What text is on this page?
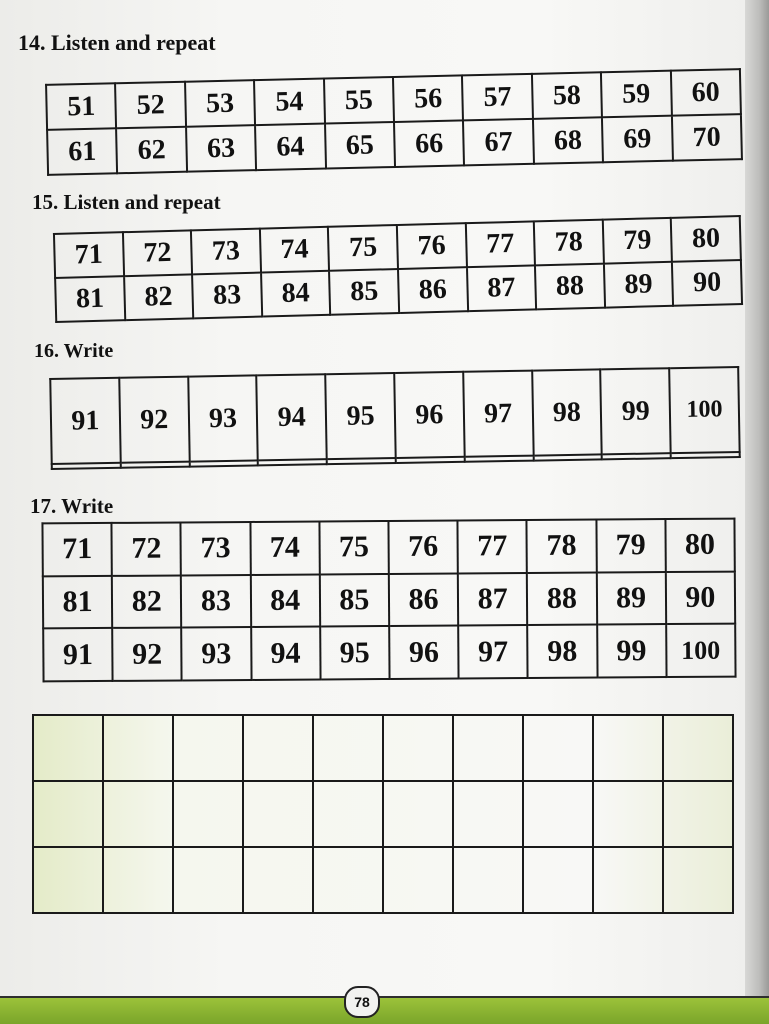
14. Listen and repeat
51	52	53	54	55	56	57	58	59	60
61	62	63	64	65	66	67	68	69	70
15. Listen and repeat
71	72	73	74	75	76	77	78	79	80
81	82	83	84	85	86	87	88	89	90
16. Write
91	92	93	94	95	96	97	98	99	100

17. Write
71	72	73	74	75	76	77	78	79	80
81	82	83	84	85	86	87	88	89	90
91	92	93	94	95	96	97	98	99	100

78
